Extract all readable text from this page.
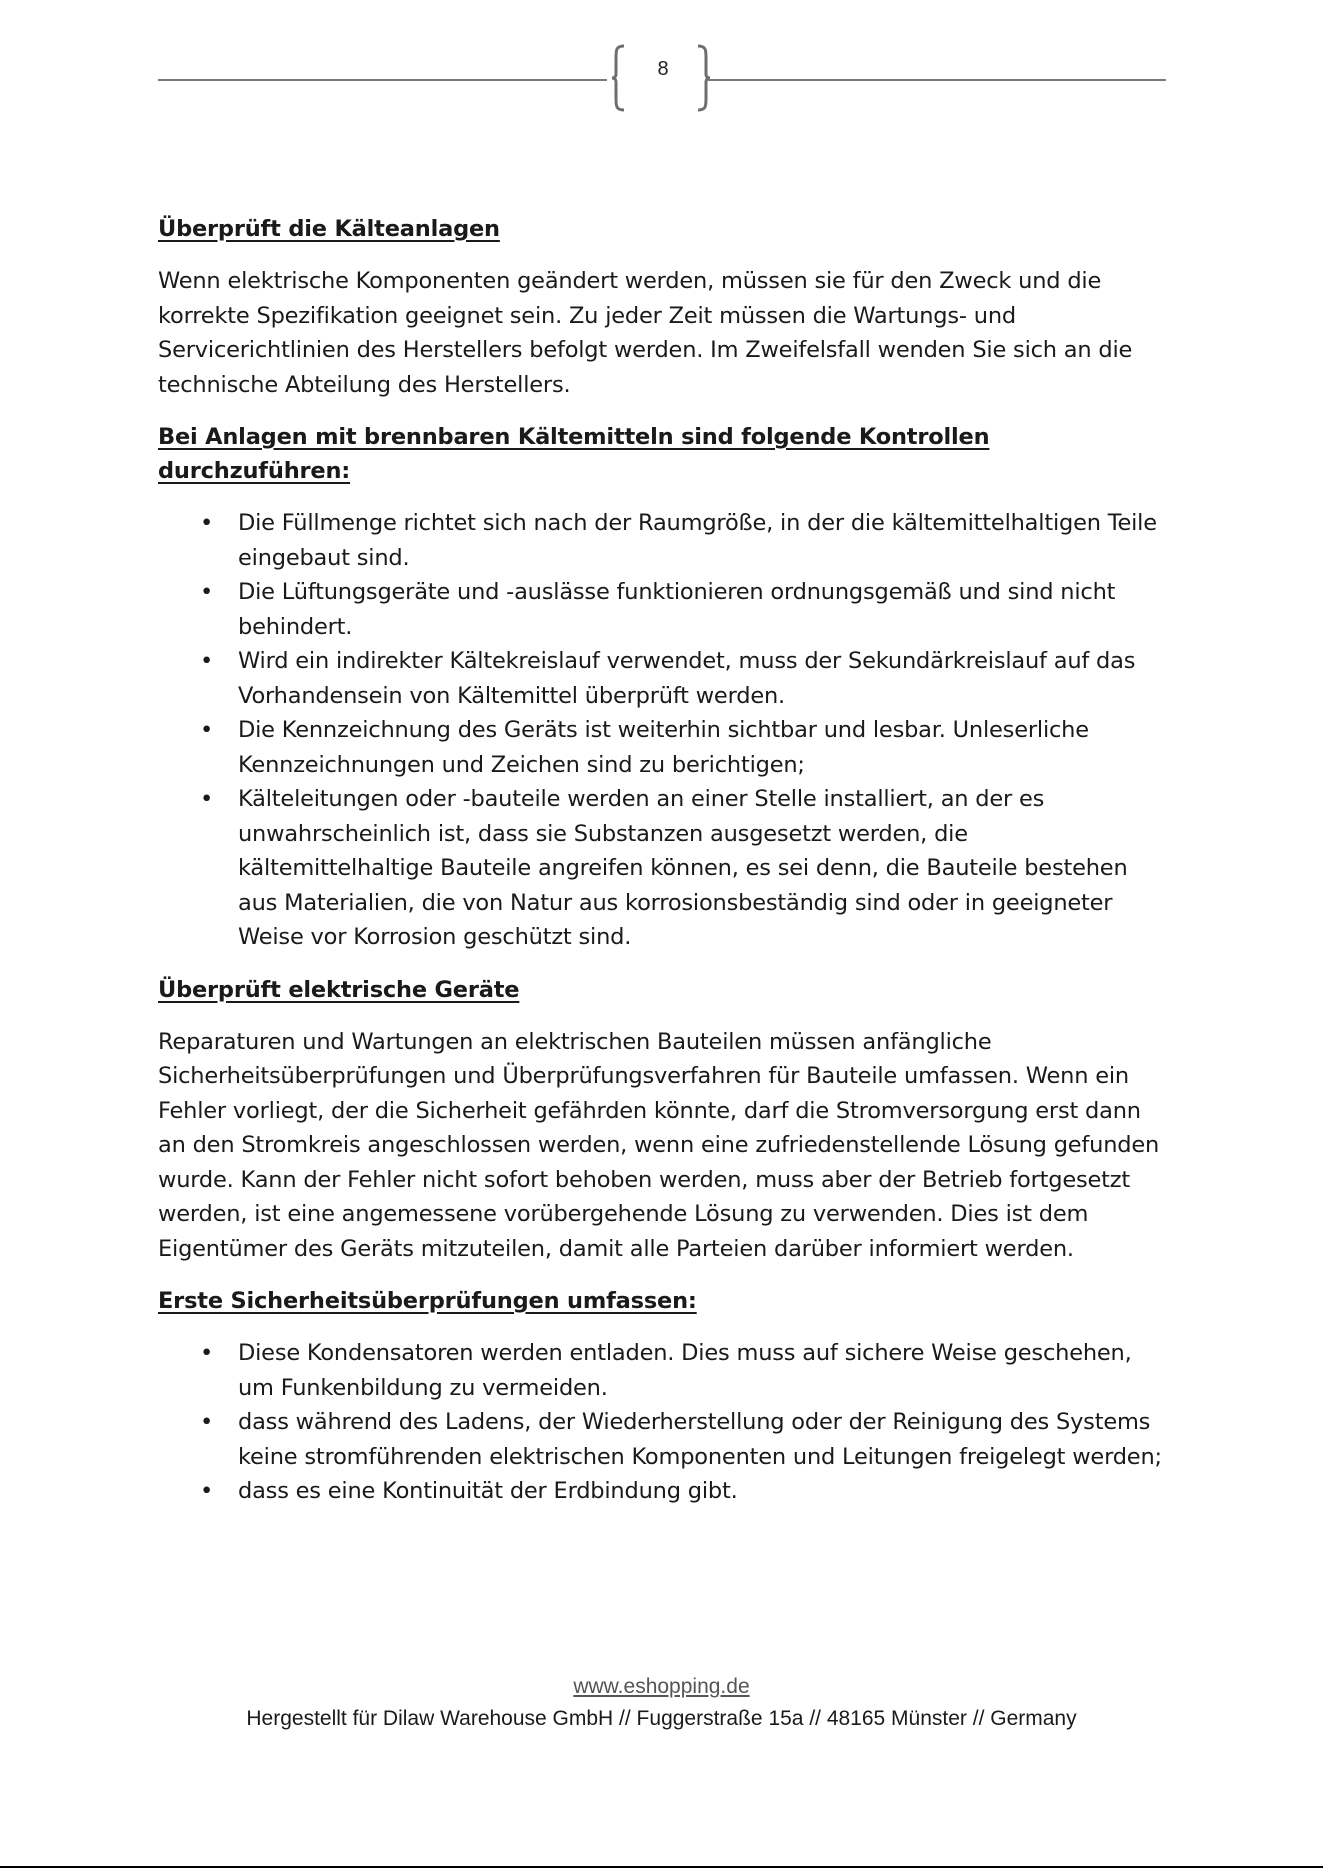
8
Überprüft die Kälteanlagen
Wenn elektrische Komponenten geändert werden, müssen sie für den Zweck und die korrekte Spezifikation geeignet sein. Zu jeder Zeit müssen die Wartungs- und Servicerichtlinien des Herstellers befolgt werden. Im Zweifelsfall wenden Sie sich an die technische Abteilung des Herstellers.
Bei Anlagen mit brennbaren Kältemitteln sind folgende Kontrollen durchzuführen:
• Die Füllmenge richtet sich nach der Raumgröße, in der die kältemittelhaltigen Teile eingebaut sind.
• Die Lüftungsgeräte und -auslässe funktionieren ordnungsgemäß und sind nicht behindert.
• Wird ein indirekter Kältekreislauf verwendet, muss der Sekundärkreislauf auf das Vorhandensein von Kältemittel überprüft werden.
• Die Kennzeichnung des Geräts ist weiterhin sichtbar und lesbar. Unleserliche Kennzeichnungen und Zeichen sind zu berichtigen;
• Kälteleitungen oder -bauteile werden an einer Stelle installiert, an der es unwahrscheinlich ist, dass sie Substanzen ausgesetzt werden, die kältemittelhaltige Bauteile angreifen können, es sei denn, die Bauteile bestehen aus Materialien, die von Natur aus korrosionsbeständig sind oder in geeigneter Weise vor Korrosion geschützt sind.
Überprüft elektrische Geräte
Reparaturen und Wartungen an elektrischen Bauteilen müssen anfängliche Sicherheitsüberprüfungen und Überprüfungsverfahren für Bauteile umfassen. Wenn ein Fehler vorliegt, der die Sicherheit gefährden könnte, darf die Stromversorgung erst dann an den Stromkreis angeschlossen werden, wenn eine zufriedenstellende Lösung gefunden wurde. Kann der Fehler nicht sofort behoben werden, muss aber der Betrieb fortgesetzt werden, ist eine angemessene vorübergehende Lösung zu verwenden. Dies ist dem Eigentümer des Geräts mitzuteilen, damit alle Parteien darüber informiert werden.
Erste Sicherheitsüberprüfungen umfassen:
• Diese Kondensatoren werden entladen. Dies muss auf sichere Weise geschehen, um Funkenbildung zu vermeiden.
• dass während des Ladens, der Wiederherstellung oder der Reinigung des Systems keine stromführenden elektrischen Komponenten und Leitungen freigelegt werden;
• dass es eine Kontinuität der Erdbindung gibt.
www.eshopping.de
Hergestellt für Dilaw Warehouse GmbH // Fuggerstraße 15a // 48165 Münster // Germany
